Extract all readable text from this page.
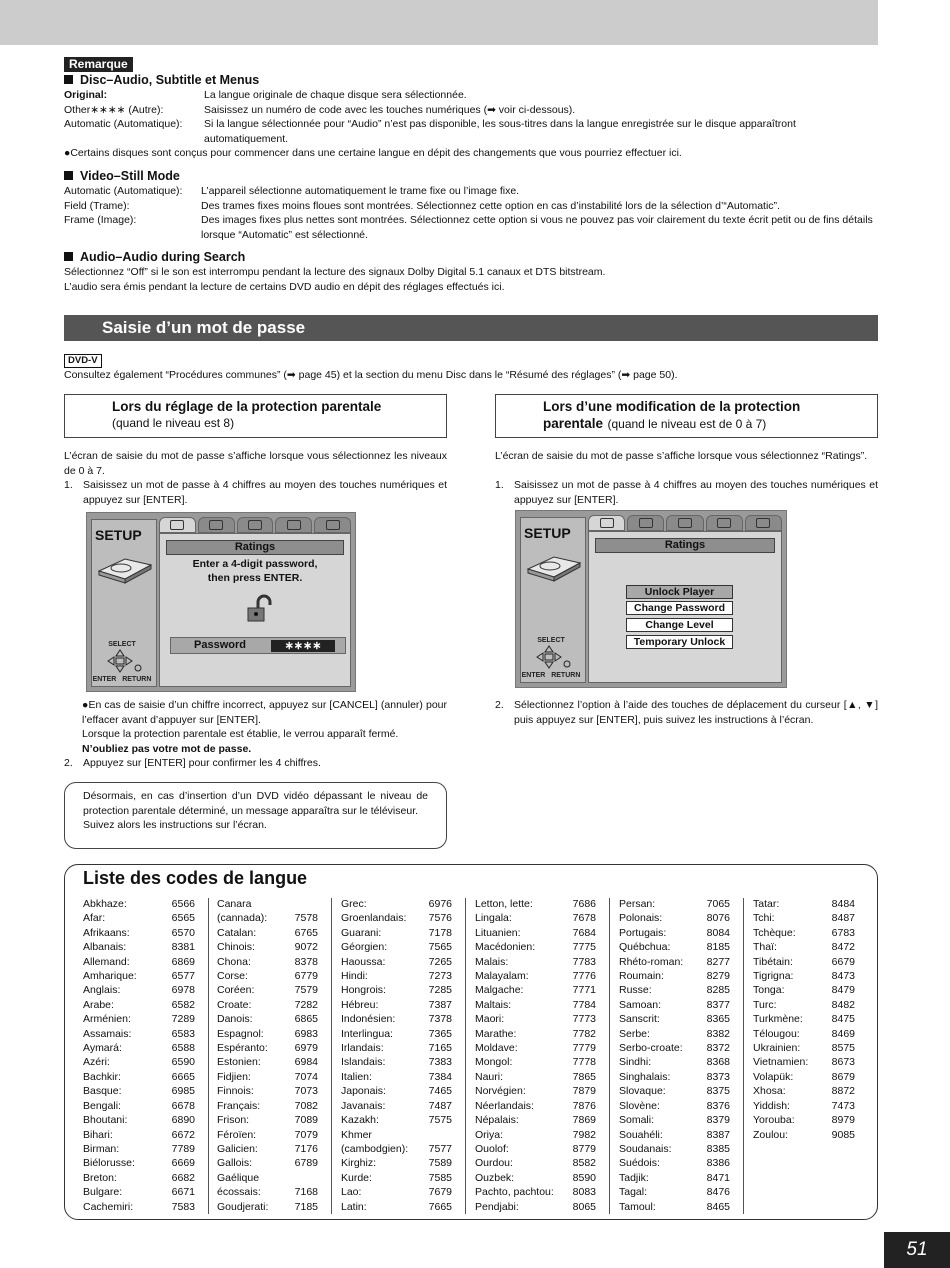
Remarque
Disc–Audio, Subtitle et Menus
Original:	La langue originale de chaque disque sera sélectionnée.
Other∗∗∗∗ (Autre):	Saisissez un numéro de code avec les touches numériques (➡ voir ci-dessous).
Automatic (Automatique):	Si la langue sélectionnée pour “Audio” n’est pas disponible, les sous-titres dans la langue enregistrée sur le disque apparaîtront automatiquement.
●Certains disques sont conçus pour commencer dans une certaine langue en dépit des changements que vous pourriez effectuer ici.
Video–Still Mode
Automatic (Automatique):	L’appareil sélectionne automatiquement le trame fixe ou l’image fixe.
Field (Trame):	Des trames fixes moins floues sont montrées. Sélectionnez cette option en cas d’instabilité lors de la sélection d’“Automatic”.
Frame (Image):	Des images fixes plus nettes sont montrées. Sélectionnez cette option si vous ne pouvez pas voir clairement du texte écrit petit ou de fins détails lorsque “Automatic” est sélectionné.
Audio–Audio during Search
Sélectionnez “Off” si le son est interrompu pendant la lecture des signaux Dolby Digital 5.1 canaux et DTS bitstream.
L’audio sera émis pendant la lecture de certains DVD audio en dépit des réglages effectués ici.
Saisie d’un mot de passe
DVD-V
Consultez également “Procédures communes” (➡ page 45) et la section du menu Disc dans le “Résumé des réglages” (➡ page 50).
Lors du réglage de la protection parentale
(quand le niveau est 8)
L’écran de saisie du mot de passe s’affiche lorsque vous sélectionnez les niveaux de 0 à 7.
1. Saisissez un mot de passe à 4 chiffres au moyen des touches numériques et appuyez sur [ENTER].
SETUP
Ratings
Enter a 4-digit password,
then press ENTER.
Password	∗∗∗∗
SELECT
ENTER RETURN
●En cas de saisie d’un chiffre incorrect, appuyez sur [CANCEL] (annuler) pour l’effacer avant d’appuyer sur [ENTER].
Lorsque la protection parentale est établie, le verrou apparaît fermé.
N’oubliez pas votre mot de passe.
2. Appuyez sur [ENTER] pour confirmer les 4 chiffres.
Désormais, en cas d’insertion d’un DVD vidéo dépassant le niveau de protection parentale déterminé, un message apparaîtra sur le téléviseur.
Suivez alors les instructions sur l’écran.
Lors d’une modification de la protection
parentale (quand le niveau est de 0 à 7)
L’écran de saisie du mot de passe s’affiche lorsque vous sélectionnez “Ratings”.
1. Saisissez un mot de passe à 4 chiffres au moyen des touches numériques et appuyez sur [ENTER].
SETUP
Ratings
Unlock Player
Change Password
Change Level
Temporary Unlock
SELECT
ENTER RETURN
2. Sélectionnez l’option à l’aide des touches de déplacement du curseur [▲, ▼] puis appuyez sur [ENTER], puis suivez les instructions à l’écran.
Liste des codes de langue
Abkhaze:	6566
Afar:	6565
Afrikaans:	6570
Albanais:	8381
Allemand:	6869
Amharique:	6577
Anglais:	6978
Arabe:	6582
Arménien:	7289
Assamais:	6583
Aymará:	6588
Azéri:	6590
Bachkir:	6665
Basque:	6985
Bengali:	6678
Bhoutani:	6890
Bihari:	6672
Birman:	7789
Biélorusse:	6669
Breton:	6682
Bulgare:	6671
Cachemiri:	7583
Canara
(cannada):	7578
Catalan:	6765
Chinois:	9072
Chona:	8378
Corse:	6779
Coréen:	7579
Croate:	7282
Danois:	6865
Espagnol:	6983
Espéranto:	6979
Estonien:	6984
Fidjien:	7074
Finnois:	7073
Français:	7082
Frison:	7089
Féroïen:	7079
Galicien:	7176
Gallois:	6789
Gaélique
écossais:	7168
Goudjerati:	7185
Grec:	6976
Groenlandais: 7576
Guarani:	7178
Géorgien:	7565
Haoussa:	7265
Hindi:	7273
Hongrois:	7285
Hébreu:	7387
Indonésien:	7378
Interlingua:	7365
Irlandais:	7165
Islandais:	7383
Italien:	7384
Japonais:	7465
Javanais:	7487
Kazakh:	7575
Khmer
(cambodgien): 7577
Kirghiz:	7589
Kurde:	7585
Lao:	7679
Latin:	7665
Letton, lette:	7686
Lingala:	7678
Lituanien:	7684
Macédonien:	7775
Malais:	7783
Malayalam:	7776
Malgache:	7771
Maltais:	7784
Maori:	7773
Marathe:	7782
Moldave:	7779
Mongol:	7778
Nauri:	7865
Norvégien:	7879
Néerlandais:	7876
Népalais:	7869
Oriya:	7982
Ouolof:	8779
Ourdou:	8582
Ouzbek:	8590
Pachto, pachtou: 8083
Pendjabi:	8065
Persan:	7065
Polonais:	8076
Portugais:	8084
Québchua:	8185
Rhéto-roman: 8277
Roumain:	8279
Russe:	8285
Samoan:	8377
Sanscrit:	8365
Serbe:	8382
Serbo-croate: 8372
Sindhi:	8368
Singhalais:	8373
Slovaque:	8375
Slovène:	8376
Somali:	8379
Souahéli:	8387
Soudanais:	8385
Suédois:	8386
Tadjik:	8471
Tagal:	8476
Tamoul:	8465
Tatar:	8484
Tchi:	8487
Tchèque:	6783
Thaï:	8472
Tibétain:	6679
Tigrigna:	8473
Tonga:	8479
Turc:	8482
Turkmène:	8475
Télougou:	8469
Ukrainien:	8575
Vietnamien: 8673
Volapük:	8679
Xhosa:	8872
Yiddish:	7473
Yorouba:	8979
Zoulou:	9085
51
